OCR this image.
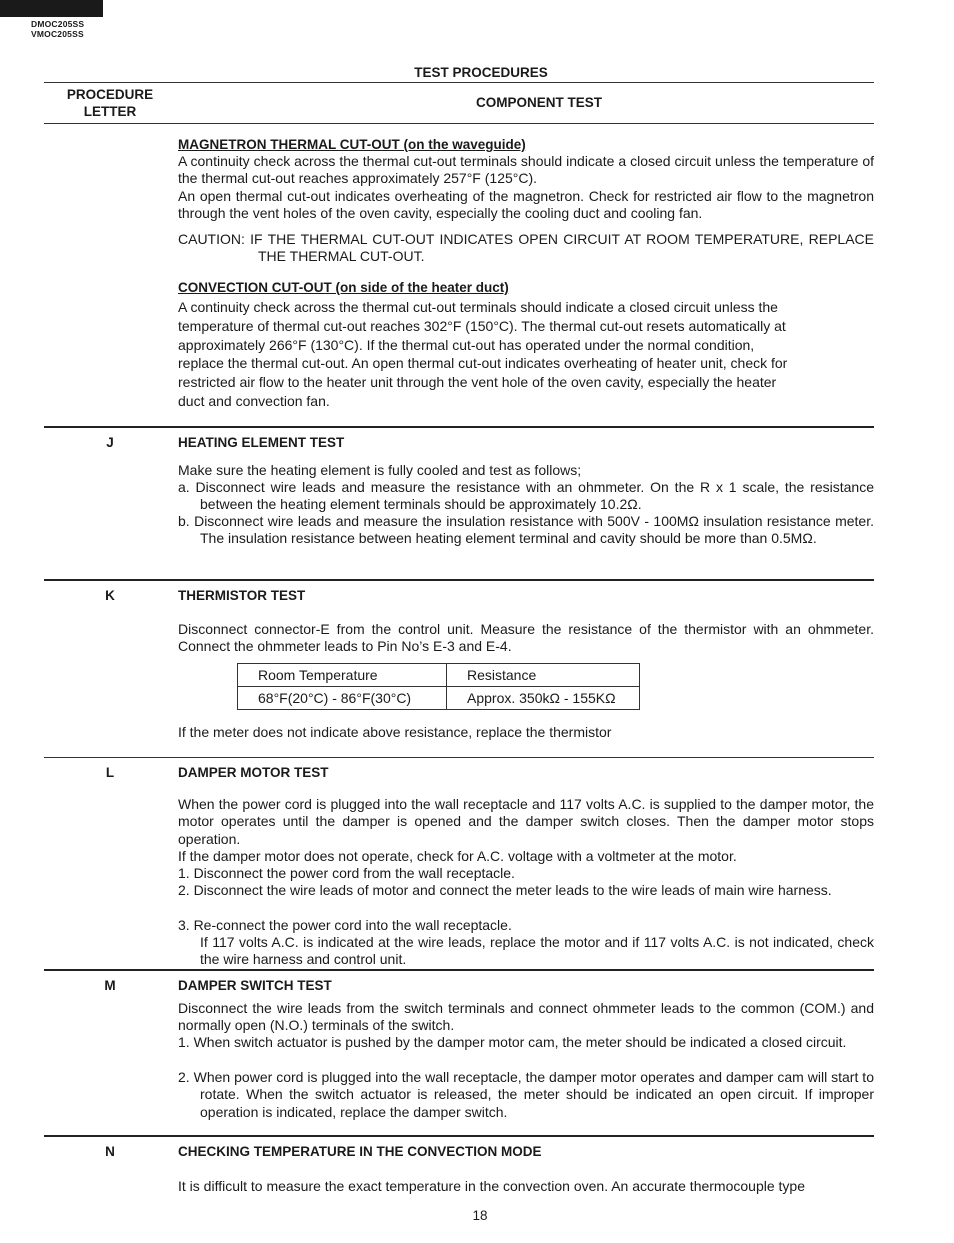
DMOC205SS
VMOC205SS
TEST PROCEDURES
PROCEDURE
LETTER
COMPONENT TEST
MAGNETRON THERMAL CUT-OUT (on the waveguide)
A continuity check across the thermal cut-out terminals should indicate a closed circuit unless the temperature of the thermal cut-out reaches approximately 257°F (125°C).
An open thermal cut-out indicates overheating of the magnetron. Check for restricted air flow to the magnetron through the vent holes of the oven cavity, especially the cooling duct and cooling fan.
CAUTION: IF THE THERMAL CUT-OUT INDICATES OPEN CIRCUIT AT ROOM TEMPERATURE, REPLACE THE THERMAL CUT-OUT.
CONVECTION CUT-OUT (on side of the heater duct)
A continuity check across the thermal cut-out terminals should indicate a closed circuit unless the
temperature of thermal cut-out reaches 302°F (150°C). The thermal cut-out resets automatically at
approximately 266°F (130°C). If the thermal cut-out has operated under the normal condition,
replace the thermal cut-out. An open thermal cut-out indicates overheating of heater unit, check for
restricted air flow to the heater unit through the vent hole of the oven cavity, especially the heater
duct and convection fan.
J	HEATING ELEMENT TEST
Make sure the heating element is fully cooled and test as follows;
a. Disconnect wire leads and measure the resistance with an ohmmeter. On the R x 1 scale, the resistance between the heating element terminals should be approximately 10.2Ω.
b. Disconnect wire leads and measure the insulation resistance with 500V - 100MΩ insulation resistance meter. The insulation resistance between heating element terminal and cavity should be more than 0.5MΩ.
K	THERMISTOR TEST
Disconnect connector-E from the control unit. Measure the resistance of the thermistor with an ohmmeter. Connect the ohmmeter leads to Pin No’s E-3 and E-4.
Room Temperature	Resistance
68°F(20°C) - 86°F(30°C)	Approx. 350kΩ - 155KΩ
If the meter does not indicate above resistance, replace the thermistor
L	DAMPER MOTOR TEST
When the power cord is plugged into the wall receptacle and 117 volts A.C. is supplied to the damper motor, the motor operates until the damper is opened and the damper switch closes. Then the damper motor stops operation.
If the damper motor does not operate, check for A.C. voltage with a voltmeter at the motor.
1. Disconnect the power cord from the wall receptacle.
2. Disconnect the wire leads of motor and connect the meter leads to the wire leads of main wire harness.
3. Re-connect the power cord into the wall receptacle.
If 117 volts A.C. is indicated at the wire leads, replace the motor and if 117 volts A.C. is not indicated, check the wire harness and control unit.
M	DAMPER SWITCH TEST
Disconnect the wire leads from the switch terminals and connect ohmmeter leads to the common (COM.) and normally open (N.O.) terminals of the switch.
1. When switch actuator is pushed by the damper motor cam, the meter should be indicated a closed circuit.
2. When power cord is plugged into the wall receptacle, the damper motor operates and damper cam will start to rotate. When the switch actuator is released, the meter should be indicated an open circuit. If improper operation is indicated, replace the damper switch.
N	CHECKING TEMPERATURE IN THE CONVECTION MODE
It is difficult to measure the exact temperature in the convection oven. An accurate thermocouple type
18
